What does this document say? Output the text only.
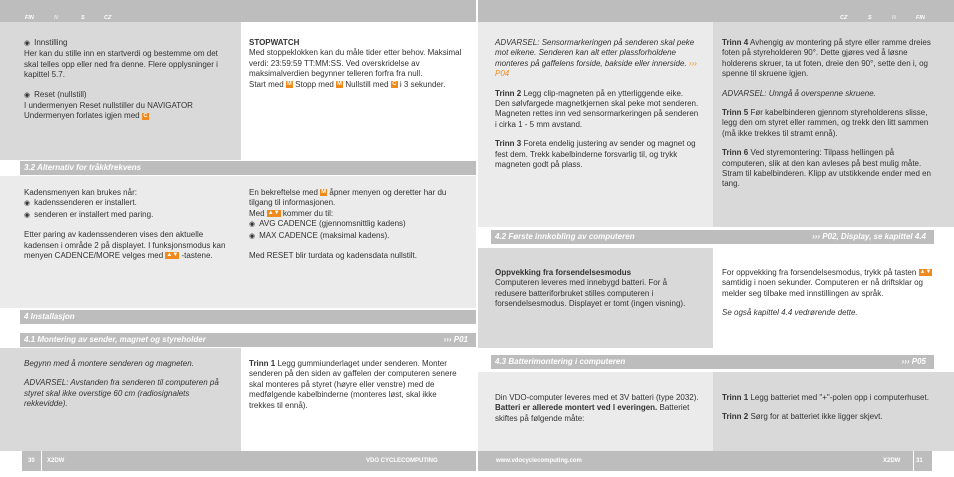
FIN	N	S	CZ	CZ	S	N	FIN
3.2 Alternativ for tråkkfrekvens
4 Installasjon
4.1 Montering av sender, magnet og styreholder	››› P01
4.2 Første innkobling av computeren	››› P02, Display, se kapittel 4.4
4.3 Batterimontering i computeren	››› P05

◉ Innstilling
Her kan du stille inn en startverdi og bestemme om det skal telles opp eller ned fra denne. Flere opplysninger i kapittel 5.7.

◉ Reset (nullstill)
I undermenyen Reset nullstiller du NAVIGATOR Undermenyen forlates igjen med C

STOPWATCH
Med stoppeklokken kan du måle tider etter behov. Maksimal verdi: 23:59:59 TT:MM:SS. Ved overskridelse av maksimalverdien begynner telleren forfra fra null.
Start med M Stopp med M Nullstill med C i 3 sekunder.

Kadensmenyen kan brukes når:
◉ kadenssenderen er installert.
◉ senderen er installert med paring.

Etter paring av kadenssenderen vises den aktuelle kadensen i område 2 på displayet. I funksjonsmodus kan menyen CADENCE/MORE velges med ▲▼ -tastene.

En bekreftelse med M åpner menyen og deretter har du tilgang til informasjonen.
Med ▲▼ kommer du til:
◉ AVG CADENCE (gjennomsnittlig kadens)
◉ MAX CADENCE (maksimal kadens).

Med RESET blir turdata og kadensdata nullstilt.

Begynn med å montere senderen og magneten.

ADVARSEL: Avstanden fra senderen til computeren på styret skal ikke overstige 60 cm (radiosignalets rekkevidde).

Trinn 1 Legg gummiunderlaget under senderen. Monter senderen på den siden av gaffelen der computeren senere skal monteres på styret (høyre eller venstre) med de medfølgende kabelbinderne (monteres løst, skal ikke trekkes til ennå).

ADVARSEL: Sensormarkeringen på senderen skal peke mot eikene. Senderen kan alt etter plassforholdene monteres på gaffelens forside, bakside eller innerside. ››› P04

Trinn 2 Legg clip-magneten på en ytterliggende eike. Den sølvfargede magnetkjernen skal peke mot senderen. Magneten rettes inn ved sensormarkeringen på senderen i cirka 1 - 5 mm avstand.

Trinn 3 Foreta endelig justering av sender og magnet og fest dem. Trekk kabelbinderne forsvarlig til, og trykk magneten godt på plass.

Trinn 4 Avhengig av montering på styre eller ramme dreies foten på styreholderen 90°. Dette gjøres ved å løsne holderens skruer, ta ut foten, dreie den 90°, sette den i, og spenne til skruene igjen.

ADVARSEL: Unngå å overspenne skruene.

Trinn 5 Før kabelbinderen gjennom styreholderens slisse, legg den om styret eller rammen, og trekk den litt sammen (må ikke trekkes til stramt ennå).

Trinn 6 Ved styremontering: Tilpass hellingen på computeren, slik at den kan avleses på best mulig måte. Stram til kabelbinderen. Klipp av utstikkende ender med en tang.

Oppvekking fra forsendelsesmodus
Computeren leveres med innebygd batteri. For å redusere batteriforbruket stilles computeren i forsendelsesmodus. Displayet er tomt (ingen visning).

For oppvekking fra forsendelsesmodus, trykk på tasten ▲▼ samtidig i noen sekunder. Computeren er nå driftsklar og melder seg tilbake med innstillingen av språk.

Se også kapittel 4.4 vedrørende dette.

Din VDO-computer leveres med et 3V batteri (type 2032). Batteri er allerede montert ved l everingen. Batteriet skiftes på følgende måte:

Trinn 1 Legg batteriet med "+"-polen opp i computerhuset.

Trinn 2 Sørg for at batteriet ikke ligger skjevt.

30 X2DW	VDO CYCLECOMPUTING	www.vdocyclecomputing.com	X2DW	31
